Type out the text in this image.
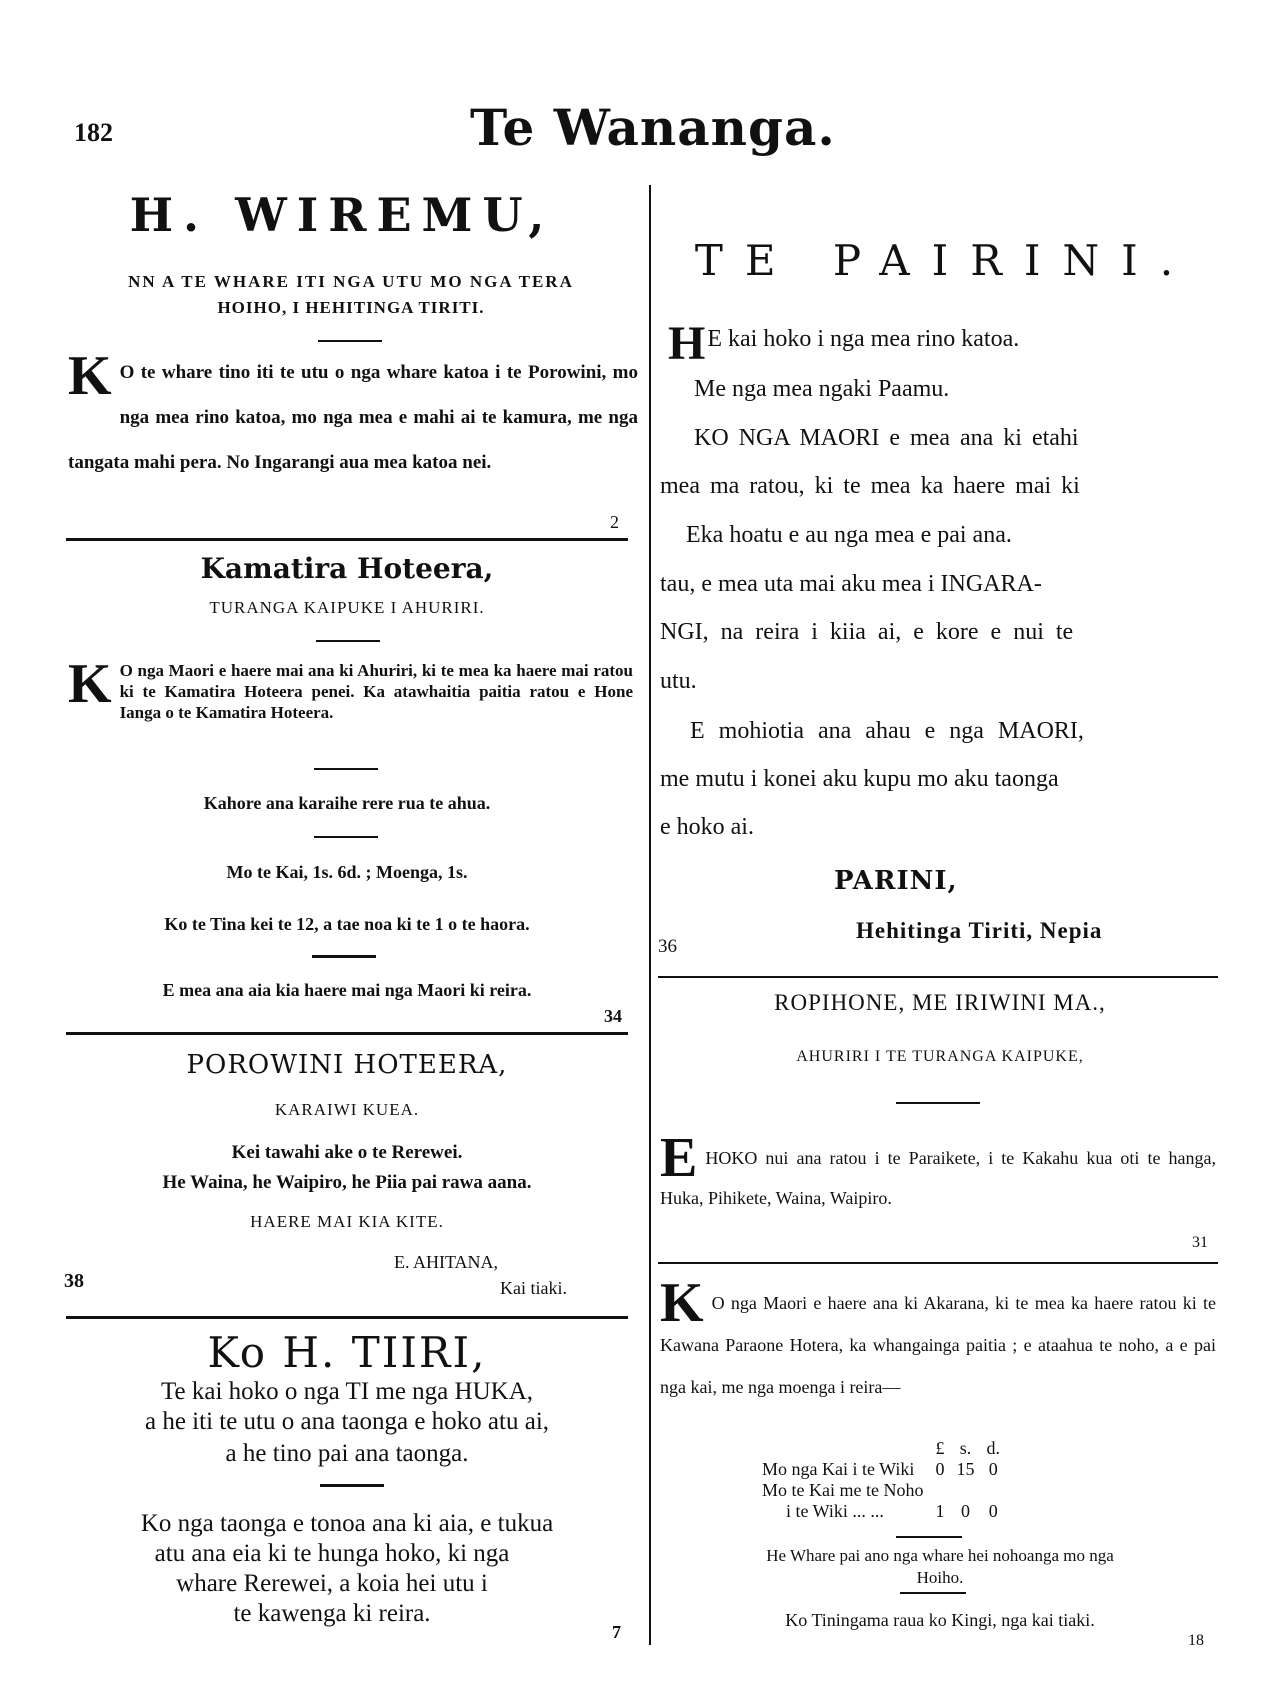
182	Te Wananga.
H. WIREMU,
NN A TE WHARE ITI NGA UTU MO NGA TERA
HOIHO, I HEHITINGA TIRITI.
K O te whare tino iti te utu o nga whare katoa i te Porowini, mo nga mea rino katoa, mo nga mea e mahi ai te kamura, me nga tangata mahi pera. No Ingarangi aua mea katoa nei.
2
Kamatira Hoteera,
TURANGA KAIPUKE I AHURIRI.
K O nga Maori e haere mai ana ki Ahuriri, ki te mea ka haere mai ratou ki te Kamatira Hoteera penei. Ka atawhaitia paitia ratou e Hone Ianga o te Kamatira Hoteera.
Kahore ana karaihe rere rua te ahua.
Mo te Kai, 1s. 6d. ; Moenga, 1s.
Ko te Tina kei te 12, a tae noa ki te 1 o te haora.
E mea ana aia kia haere mai nga Maori ki reira.
34
POROWINI HOTEERA,
KARAIWI KUEA.
Kei tawahi ake o te Rerewei.
He Waina, he Waipiro, he Piia pai rawa aana.
HAERE MAI KIA KITE.
E. AHITANA,
Kai tiaki.
38
Ko H. TIIRI,
Te kai hoko o nga TI me nga HUKA,
a he iti te utu o ana taonga e hoko atu ai,
a he tino pai ana taonga.
Ko nga taonga e tonoa ana ki aia, e tukua
atu ana eia ki te hunga hoko, ki nga
whare Rerewei, a koia hei utu i
te kawenga ki reira.
7
TE PAIRINI.
H E kai hoko i nga mea rino katoa.
Me nga mea ngaki Paamu.
KO NGA MAORI e mea ana ki etahi
mea ma ratou, ki te mea ka haere mai ki
Eka hoatu e au nga mea e pai ana.
tau, e mea uta mai aku mea i INGARA-
NGI, na reira i kiia ai, e kore e nui te
utu.
E mohiotia ana ahau e nga MAORI,
me mutu i konei aku kupu mo aku taonga
e hoko ai.
PARINI,
Hehitinga Tiriti, Nepia
36
ROPIHONE, ME IRIWINI MA.,
AHURIRI I TE TURANGA KAIPUKE,
EHOKO nui ana ratou i te Paraikete, i te Kakahu kua oti te hanga, Huka, Pihikete, Waina, Waipiro.
31
K O nga Maori e haere ana ki Akarana, ki te mea ka haere ratou ki te Kawana Paraone Hotera, ka whangainga paitia ; e ataahua te noho, a e pai nga kai, me nga moenga i reira—
	£	s.	d.
Mo nga Kai i te Wiki	0	15	0
Mo te Kai me te Noho			
i te Wiki ... ...	1	0	0
He Whare pai ano nga whare hei nohoanga mo nga
Hoiho.
Ko Tiningama raua ko Kingi, nga kai tiaki.
18
